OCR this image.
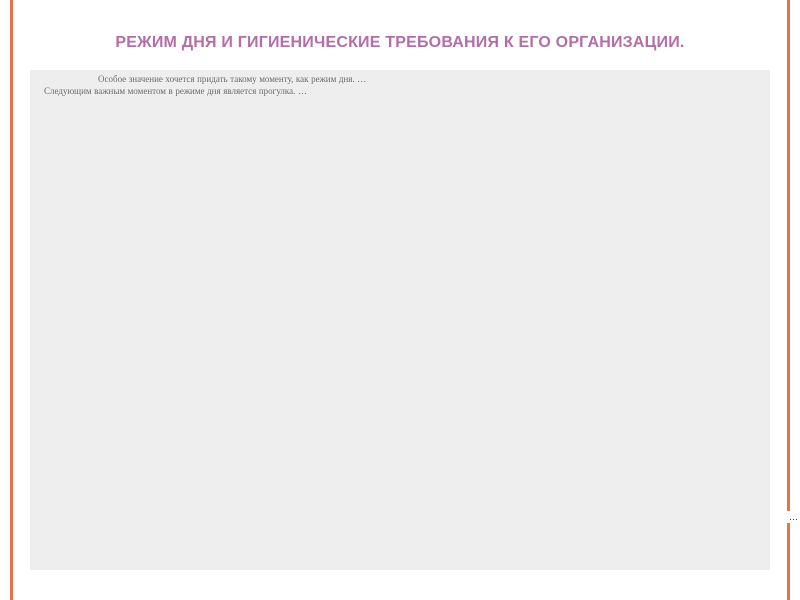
РЕЖИМ ДНЯ И ГИГИЕНИЧЕСКИЕ ТРЕБОВАНИЯ К ЕГО ОРГАНИЗАЦИИ.

Особое значение хочется придать такому моменту, как режим дня. …

Следующим важным моментом в режиме дня является прогулка. …

…
